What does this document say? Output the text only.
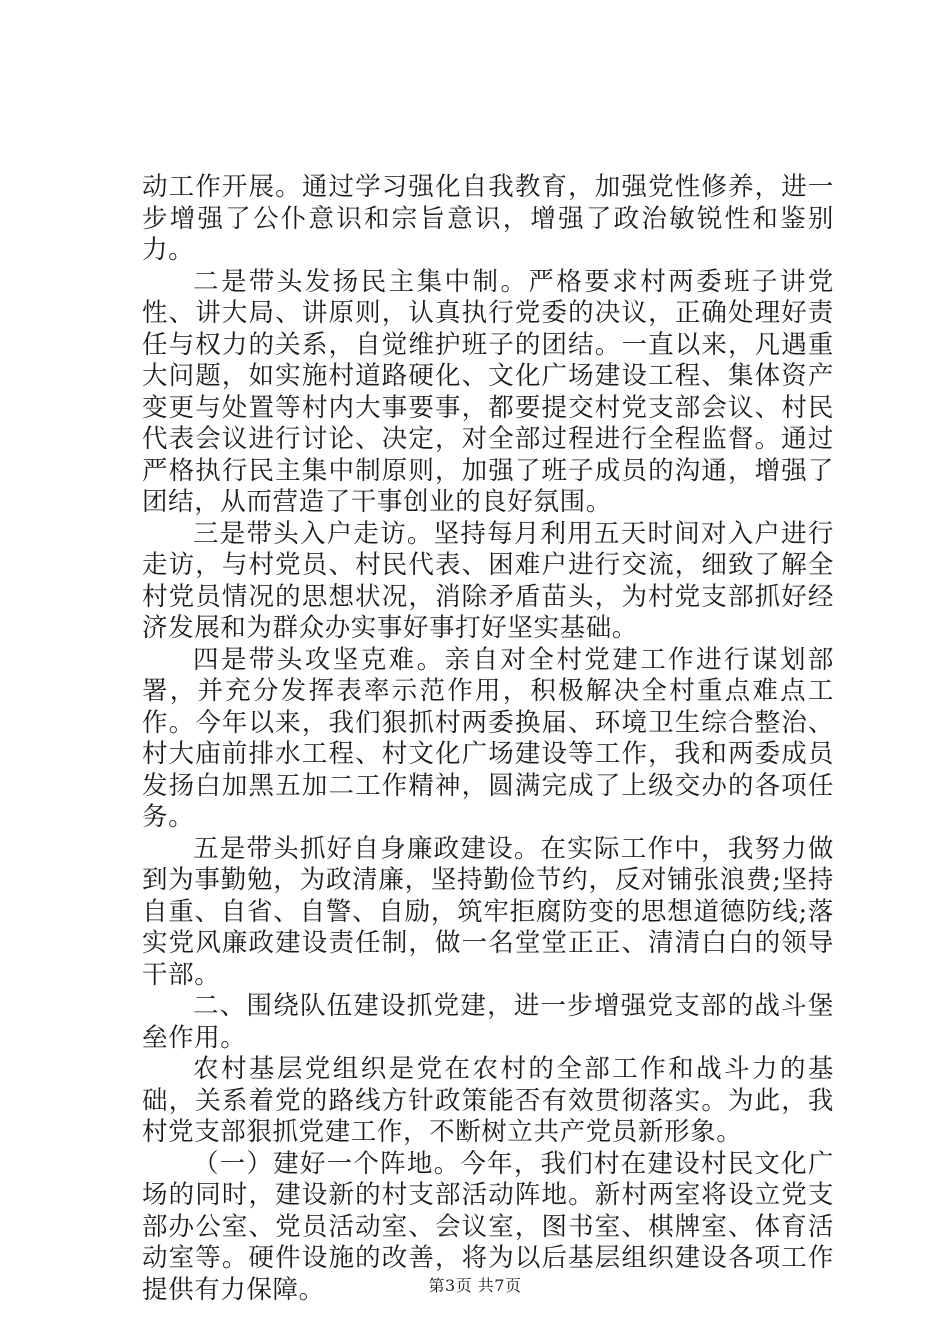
动工作开展。通过学习强化自我教育，加强党性修养，进一步增强了公仆意识和宗旨意识，增强了政治敏锐性和鉴别力。

二是带头发扬民主集中制。严格要求村两委班子讲党性、讲大局、讲原则，认真执行党委的决议，正确处理好责任与权力的关系，自觉维护班子的团结。一直以来，凡遇重大问题，如实施村道路硬化、文化广场建设工程、集体资产变更与处置等村内大事要事，都要提交村党支部会议、村民代表会议进行讨论、决定，对全部过程进行全程监督。通过严格执行民主集中制原则，加强了班子成员的沟通，增强了团结，从而营造了干事创业的良好氛围。

三是带头入户走访。坚持每月利用五天时间对入户进行走访，与村党员、村民代表、困难户进行交流，细致了解全村党员情况的思想状况，消除矛盾苗头，为村党支部抓好经济发展和为群众办实事好事打好坚实基础。

四是带头攻坚克难。亲自对全村党建工作进行谋划部署，并充分发挥表率示范作用，积极解决全村重点难点工作。今年以来，我们狠抓村两委换届、环境卫生综合整治、村大庙前排水工程、村文化广场建设等工作，我和两委成员发扬白加黑五加二工作精神，圆满完成了上级交办的各项任务。

五是带头抓好自身廉政建设。在实际工作中，我努力做到为事勤勉，为政清廉，坚持勤俭节约，反对铺张浪费;坚持自重、自省、自警、自励，筑牢拒腐防变的思想道德防线;落实党风廉政建设责任制，做一名堂堂正正、清清白白的领导干部。

二、围绕队伍建设抓党建，进一步增强党支部的战斗堡垒作用。

农村基层党组织是党在农村的全部工作和战斗力的基础，关系着党的路线方针政策能否有效贯彻落实。为此，我村党支部狠抓党建工作，不断树立共产党员新形象。

（一）建好一个阵地。今年，我们村在建设村民文化广场的同时，建设新的村支部活动阵地。新村两室将设立党支部办公室、党员活动室、会议室，图书室、棋牌室、体育活动室等。硬件设施的改善，将为以后基层组织建设各项工作提供有力保障。	第3页 共7页
